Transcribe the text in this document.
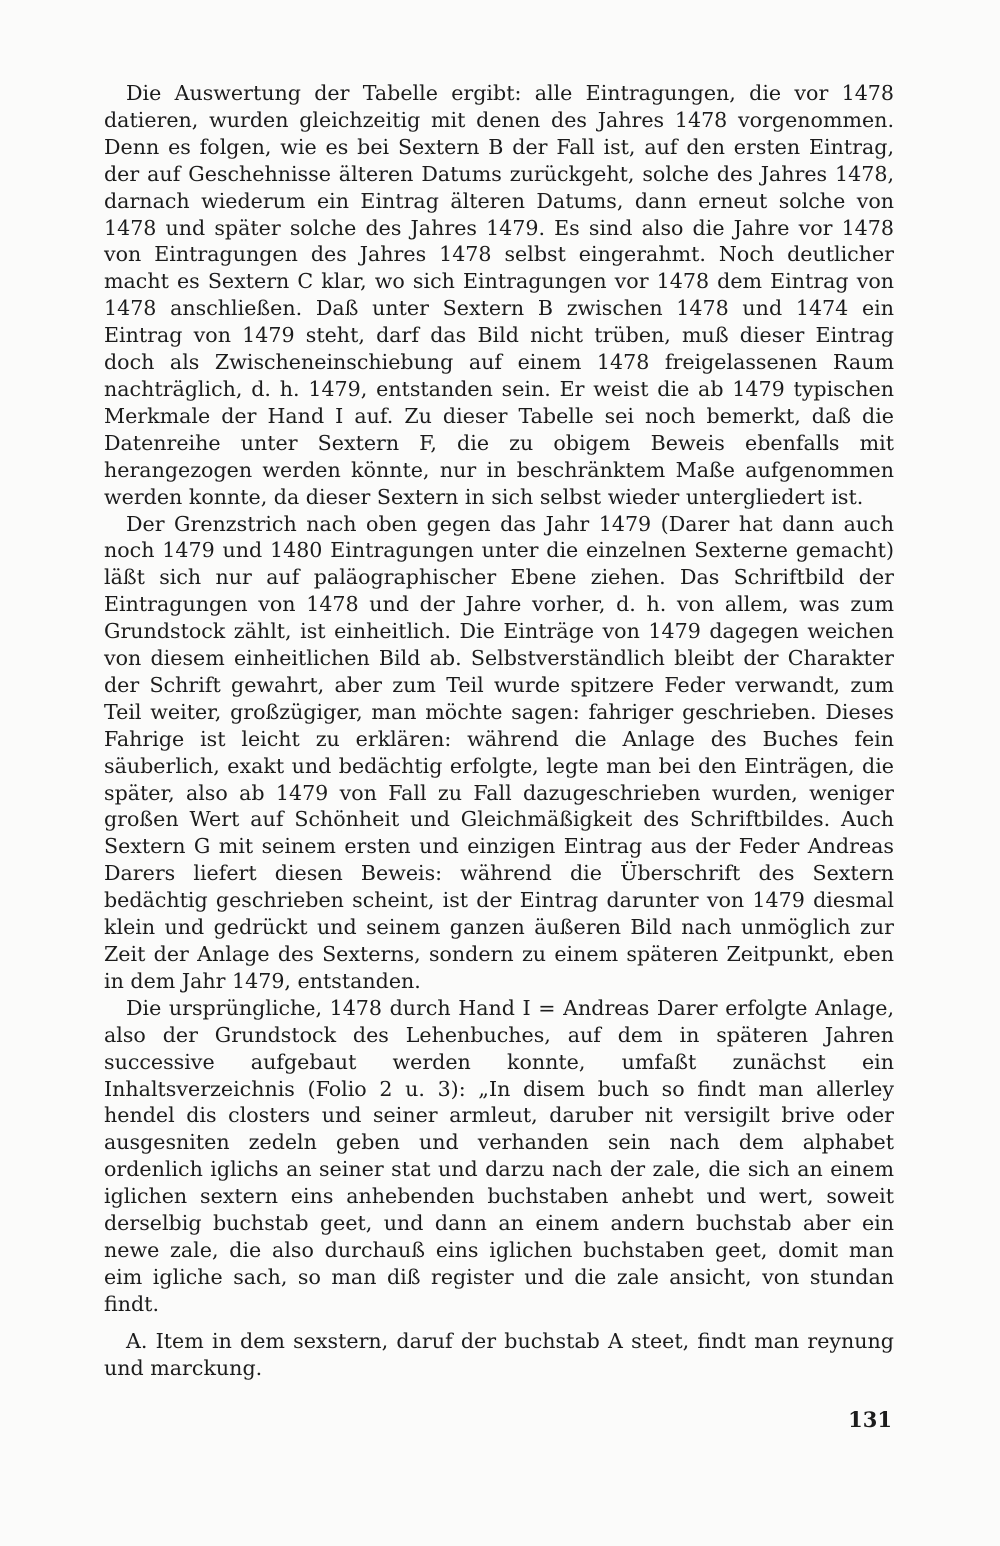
Die Auswertung der Tabelle ergibt: alle Eintragungen, die vor 1478 datieren, wurden gleichzeitig mit denen des Jahres 1478 vorgenommen. Denn es folgen, wie es bei Sextern B der Fall ist, auf den ersten Eintrag, der auf Geschehnisse älteren Datums zurückgeht, solche des Jahres 1478, darnach wiederum ein Eintrag älteren Datums, dann erneut solche von 1478 und später solche des Jahres 1479. Es sind also die Jahre vor 1478 von Eintragungen des Jahres 1478 selbst eingerahmt. Noch deutlicher macht es Sextern C klar, wo sich Eintragungen vor 1478 dem Eintrag von 1478 anschließen. Daß unter Sextern B zwischen 1478 und 1474 ein Eintrag von 1479 steht, darf das Bild nicht trüben, muß dieser Eintrag doch als Zwischeneinschiebung auf einem 1478 freigelassenen Raum nachträglich, d. h. 1479, entstanden sein. Er weist die ab 1479 typischen Merkmale der Hand I auf. Zu dieser Tabelle sei noch bemerkt, daß die Datenreihe unter Sextern F, die zu obigem Beweis ebenfalls mit herangezogen werden könnte, nur in beschränktem Maße aufgenommen werden konnte, da dieser Sextern in sich selbst wieder untergliedert ist.

Der Grenzstrich nach oben gegen das Jahr 1479 (Darer hat dann auch noch 1479 und 1480 Eintragungen unter die einzelnen Sexterne gemacht) läßt sich nur auf paläographischer Ebene ziehen. Das Schriftbild der Eintragungen von 1478 und der Jahre vorher, d. h. von allem, was zum Grundstock zählt, ist einheitlich. Die Einträge von 1479 dagegen weichen von diesem einheitlichen Bild ab. Selbstverständlich bleibt der Charakter der Schrift gewahrt, aber zum Teil wurde spitzere Feder verwandt, zum Teil weiter, großzügiger, man möchte sagen: fahriger geschrieben. Dieses Fahrige ist leicht zu erklären: während die Anlage des Buches fein säuberlich, exakt und bedächtig erfolgte, legte man bei den Einträgen, die später, also ab 1479 von Fall zu Fall dazugeschrieben wurden, weniger großen Wert auf Schönheit und Gleichmäßigkeit des Schriftbildes. Auch Sextern G mit seinem ersten und einzigen Eintrag aus der Feder Andreas Darers liefert diesen Beweis: während die Überschrift des Sextern bedächtig geschrieben scheint, ist der Eintrag darunter von 1479 diesmal klein und gedrückt und seinem ganzen äußeren Bild nach unmöglich zur Zeit der Anlage des Sexterns, sondern zu einem späteren Zeitpunkt, eben in dem Jahr 1479, entstanden.

Die ursprüngliche, 1478 durch Hand I = Andreas Darer erfolgte Anlage, also der Grundstock des Lehenbuches, auf dem in späteren Jahren successive aufgebaut werden konnte, umfaßt zunächst ein Inhaltsverzeichnis (Folio 2 u. 3): „In disem buch so findt man allerley hendel dis closters und seiner armleut, daruber nit versigilt brive oder ausgesniten zedeln geben und verhanden sein nach dem alphabet ordenlich iglichs an seiner stat und darzu nach der zale, die sich an einem iglichen sextern eins anhebenden buchstaben anhebt und wert, soweit derselbig buchstab geet, und dann an einem andern buchstab aber ein newe zale, die also durchauß eins iglichen buchstaben geet, domit man eim igliche sach, so man diß register und die zale ansicht, von stundan findt.

A. Item in dem sexstern, daruf der buchstab A steet, findt man reynung und marckung.

131
